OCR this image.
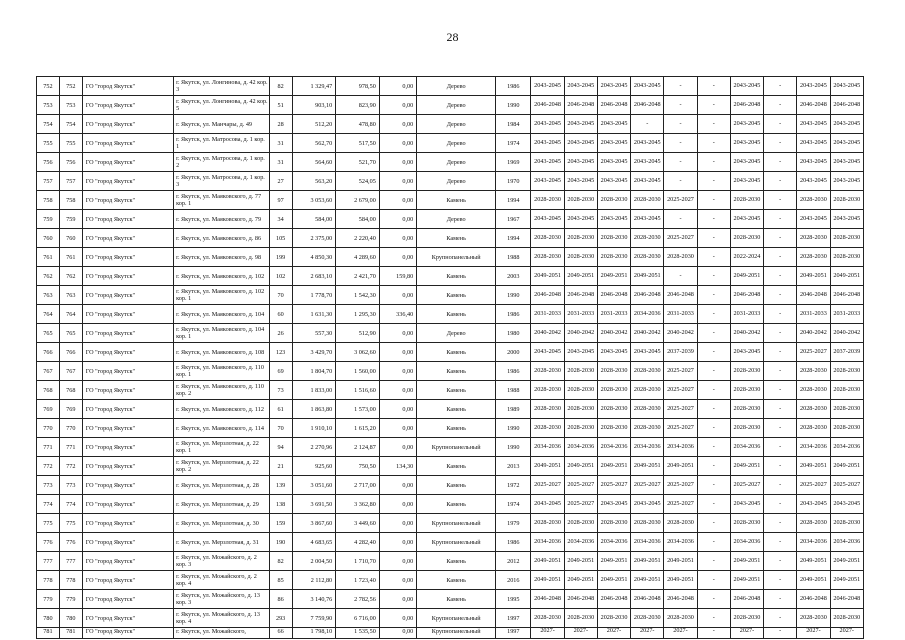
28
752	752	ГО "город Якутск"	г. Якутск, ул. Лонгинова, д. 42 кор. 3	82	1 329,47	978,50	0,00	Дерево	1986	2043-2045	2043-2045	2043-2045	2043-2045	-	-	2043-2045	-	2043-2045	2043-2045
753	753	ГО "город Якутск"	г. Якутск, ул. Лонгинова, д. 42 кор. 5	51	903,10	823,90	0,00	Дерево	1990	2046-2048	2046-2048	2046-2048	2046-2048	-	-	2046-2048	-	2046-2048	2046-2048
754	754	ГО "город Якутск"	г. Якутск, ул. Манчары, д. 49	28	512,20	478,80	0,00	Дерево	1984	2043-2045	2043-2045	2043-2045	-	-	-	2043-2045	-	2043-2045	2043-2045
755	755	ГО "город Якутск"	г. Якутск, ул. Матросова, д. 1 кор. 1	31	562,70	517,50	0,00	Дерево	1974	2043-2045	2043-2045	2043-2045	2043-2045	-	-	2043-2045	-	2043-2045	2043-2045
756	756	ГО "город Якутск"	г. Якутск, ул. Матросова, д. 1 кор. 2	31	564,60	521,70	0,00	Дерево	1969	2043-2045	2043-2045	2043-2045	2043-2045	-	-	2043-2045	-	2043-2045	2043-2045
757	757	ГО "город Якутск"	г. Якутск, ул. Матросова, д. 1 кор. 3	27	563,20	524,05	0,00	Дерево	1970	2043-2045	2043-2045	2043-2045	2043-2045	-	-	2043-2045	-	2043-2045	2043-2045
758	758	ГО "город Якутск"	г. Якутск, ул. Маяковского, д. 77 кор. 1	97	3 053,60	2 679,00	0,00	Камень	1994	2028-2030	2028-2030	2028-2030	2028-2030	2025-2027	-	2028-2030	-	2028-2030	2028-2030
759	759	ГО "город Якутск"	г. Якутск, ул. Маяковского, д. 79	34	584,00	584,00	0,00	Дерево	1967	2043-2045	2043-2045	2043-2045	2043-2045	-	-	2043-2045	-	2043-2045	2043-2045
760	760	ГО "город Якутск"	г. Якутск, ул. Маяковского, д. 86	105	2 375,00	2 220,40	0,00	Камень	1994	2028-2030	2028-2030	2028-2030	2028-2030	2025-2027	-	2028-2030	-	2028-2030	2028-2030
761	761	ГО "город Якутск"	г. Якутск, ул. Маяковского, д. 98	199	4 850,30	4 289,60	0,00	Крупнопанельный	1988	2028-2030	2028-2030	2028-2030	2028-2030	2028-2030	-	2022-2024	-	2028-2030	2028-2030
762	762	ГО "город Якутск"	г. Якутск, ул. Маяковского, д. 102	102	2 683,10	2 421,70	159,80	Камень	2003	2049-2051	2049-2051	2049-2051	2049-2051	-	-	2049-2051	-	2049-2051	2049-2051
763	763	ГО "город Якутск"	г. Якутск, ул. Маяковского, д. 102 кор. 1	70	1 778,70	1 542,30	0,00	Камень	1990	2046-2048	2046-2048	2046-2048	2046-2048	2046-2048	-	2046-2048	-	2046-2048	2046-2048
764	764	ГО "город Якутск"	г. Якутск, ул. Маяковского, д. 104	60	1 631,30	1 295,30	336,40	Камень	1986	2031-2033	2031-2033	2031-2033	2034-2036	2031-2033	-	2031-2033	-	2031-2033	2031-2033
765	765	ГО "город Якутск"	г. Якутск, ул. Маяковского, д. 104 кор. 1	26	557,30	512,90	0,00	Дерево	1980	2040-2042	2040-2042	2040-2042	2040-2042	2040-2042	-	2040-2042	-	2040-2042	2040-2042
766	766	ГО "город Якутск"	г. Якутск, ул. Маяковского, д. 108	123	3 429,70	3 062,60	0,00	Камень	2000	2043-2045	2043-2045	2043-2045	2043-2045	2037-2039	-	2043-2045	-	2025-2027	2037-2039
767	767	ГО "город Якутск"	г. Якутск, ул. Маяковского, д. 110 кор. 1	69	1 804,70	1 560,00	0,00	Камень	1986	2028-2030	2028-2030	2028-2030	2028-2030	2025-2027	-	2028-2030	-	2028-2030	2028-2030
768	768	ГО "город Якутск"	г. Якутск, ул. Маяковского, д. 110 кор. 2	73	1 833,00	1 516,60	0,00	Камень	1988	2028-2030	2028-2030	2028-2030	2028-2030	2025-2027	-	2028-2030	-	2028-2030	2028-2030
769	769	ГО "город Якутск"	г. Якутск, ул. Маяковского, д. 112	61	1 863,80	1 573,00	0,00	Камень	1989	2028-2030	2028-2030	2028-2030	2028-2030	2025-2027	-	2028-2030	-	2028-2030	2028-2030
770	770	ГО "город Якутск"	г. Якутск, ул. Маяковского, д. 114	70	1 910,10	1 615,20	0,00	Камень	1990	2028-2030	2028-2030	2028-2030	2028-2030	2025-2027	-	2028-2030	-	2028-2030	2028-2030
771	771	ГО "город Якутск"	г. Якутск, ул. Мерзлотная, д. 22 кор. 1	94	2 270,96	2 124,87	0,00	Крупнопанельный	1990	2034-2036	2034-2036	2034-2036	2034-2036	2034-2036	-	2034-2036	-	2034-2036	2034-2036
772	772	ГО "город Якутск"	г. Якутск, ул. Мерзлотная, д. 22 кор. 2	21	925,60	750,50	134,30	Камень	2013	2049-2051	2049-2051	2049-2051	2049-2051	2049-2051	-	2049-2051	-	2049-2051	2049-2051
773	773	ГО "город Якутск"	г. Якутск, ул. Мерзлотная, д. 28	139	3 051,60	2 717,00	0,00	Камень	1972	2025-2027	2025-2027	2025-2027	2025-2027	2025-2027	-	2025-2027	-	2025-2027	2025-2027
774	774	ГО "город Якутск"	г. Якутск, ул. Мерзлотная, д. 29	138	3 691,50	3 362,80	0,00	Камень	1974	2043-2045	2025-2027	2043-2045	2043-2045	2025-2027	-	2043-2045	-	2043-2045	2043-2045
775	775	ГО "город Якутск"	г. Якутск, ул. Мерзлотная, д. 30	159	3 867,60	3 449,60	0,00	Крупнопанельный	1979	2028-2030	2028-2030	2028-2030	2028-2030	2028-2030	-	2028-2030	-	2028-2030	2028-2030
776	776	ГО "город Якутск"	г. Якутск, ул. Мерзлотная, д. 31	190	4 683,65	4 282,40	0,00	Крупнопанельный	1986	2034-2036	2034-2036	2034-2036	2034-2036	2034-2036	-	2034-2036	-	2034-2036	2034-2036
777	777	ГО "город Якутск"	г. Якутск, ул. Можайского, д. 2 кор. 3	82	2 004,50	1 710,70	0,00	Камень	2012	2049-2051	2049-2051	2049-2051	2049-2051	2049-2051	-	2049-2051	-	2049-2051	2049-2051
778	778	ГО "город Якутск"	г. Якутск, ул. Можайского, д. 2 кор. 4	85	2 112,80	1 723,40	0,00	Камень	2016	2049-2051	2049-2051	2049-2051	2049-2051	2049-2051	-	2049-2051	-	2049-2051	2049-2051
779	779	ГО "город Якутск"	г. Якутск, ул. Можайского, д. 13 кор. 3	86	3 140,76	2 782,56	0,00	Камень	1995	2046-2048	2046-2048	2046-2048	2046-2048	2046-2048	-	2046-2048	-	2046-2048	2046-2048
780	780	ГО "город Якутск"	г. Якутск, ул. Можайского, д. 13 кор. 4	293	7 759,90	6 716,00	0,00	Крупнопанельный	1997	2028-2030	2028-2030	2028-2030	2028-2030	2028-2030	-	2028-2030	-	2028-2030	2028-2030
781	781	ГО "город Якутск"	г. Якутск, ул. Можайского,	66	1 798,10	1 535,50	0,00	Крупнопанельный	1997	2027-	2027-	2027-	2027-	2027-	-	2027-	-	2027-	2027-
